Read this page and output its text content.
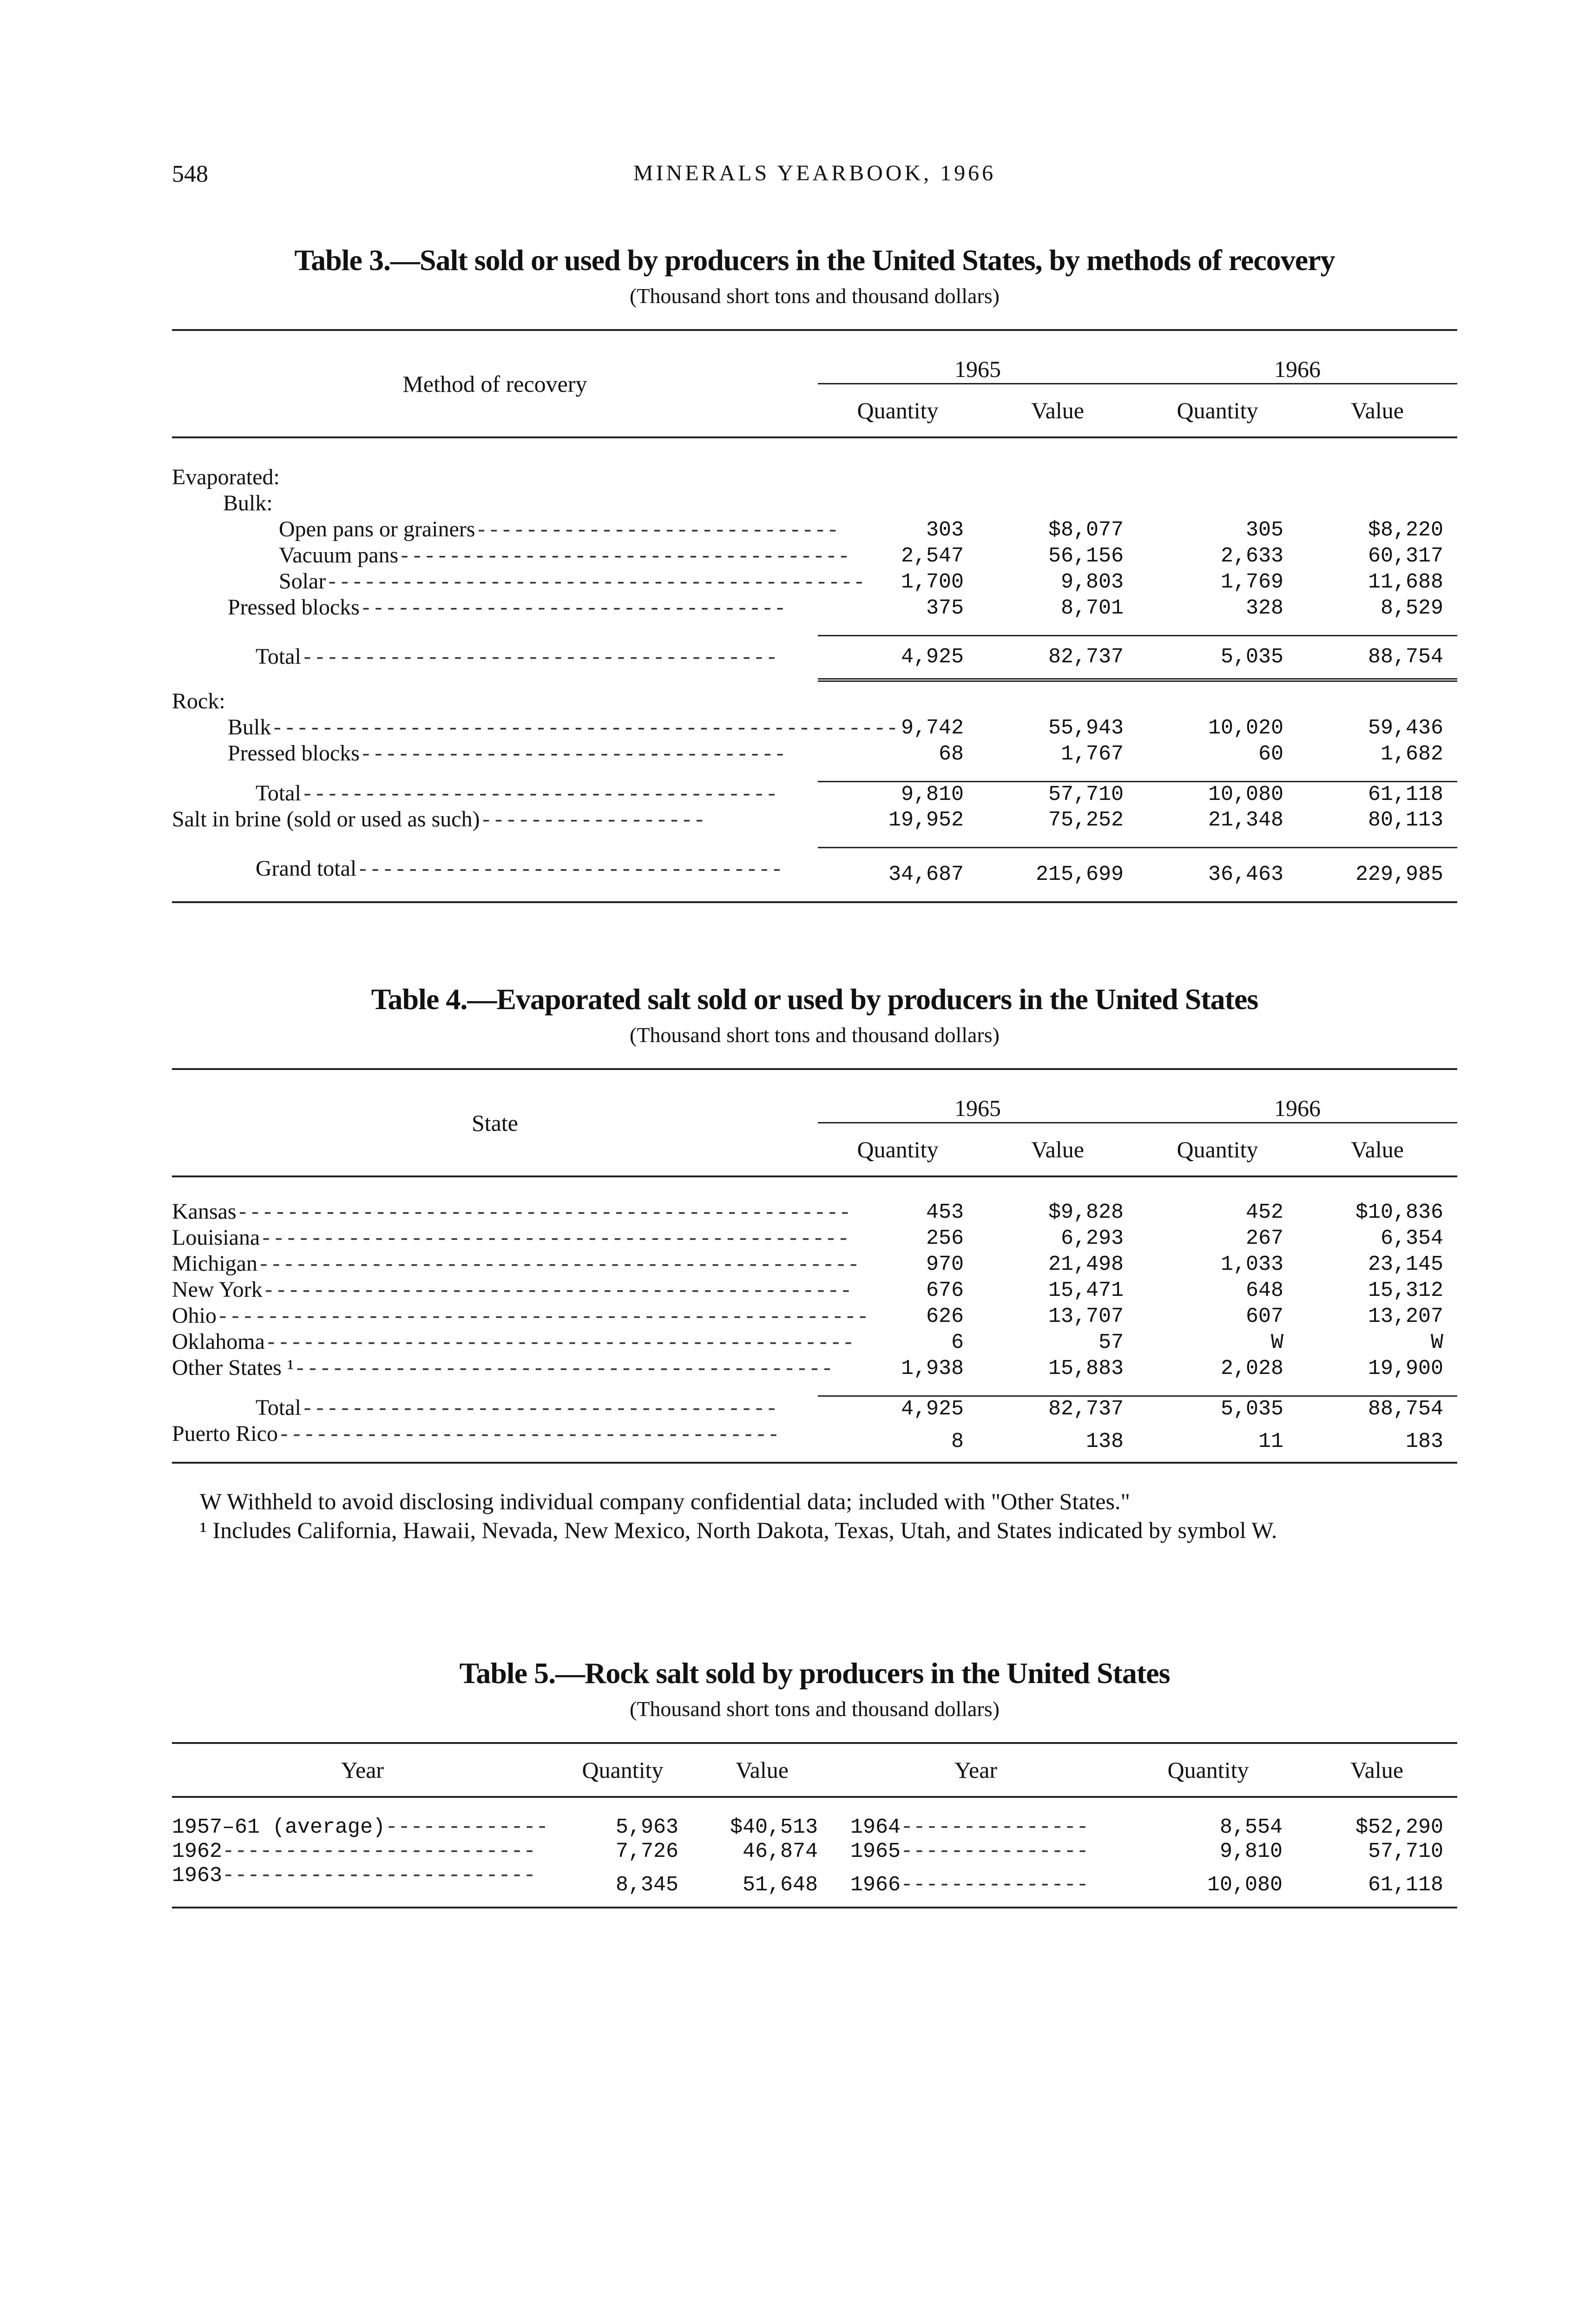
548	MINERALS YEARBOOK, 1966
Table 3.—Salt sold or used by producers in the United States, by methods of recovery
(Thousand short tons and thousand dollars)
Method of recovery	1965		1966	
	Quantity	Value	Quantity	Value

Evaporated:				
Bulk:				
Open pans or grainers-----------------------------	303	$8,077	305	$8,220
Vacuum pans------------------------------------	2,547	56,156	2,633	60,317
Solar-------------------------------------------	1,700	9,803	1,769	11,688
Pressed blocks----------------------------------	375	8,701	328	8,529

Total--------------------------------------	4,925	82,737	5,035	88,754

Rock:				
Bulk--------------------------------------------------	9,742	55,943	10,020	59,436
Pressed blocks----------------------------------	68	1,767	60	1,682

Total--------------------------------------	9,810	57,710	10,080	61,118
Salt in brine (sold or used as such)------------------	19,952	75,252	21,348	80,113

Grand total----------------------------------	34,687	215,699	36,463	229,985
Table 4.—Evaporated salt sold or used by producers in the United States
(Thousand short tons and thousand dollars)
State	1965		1966	
	Quantity	Value	Quantity	Value

Kansas-------------------------------------------------	453	$9,828	452	$10,836
Louisiana-----------------------------------------------	256	6,293	267	6,354
Michigan------------------------------------------------	970	21,498	1,033	23,145
New York-----------------------------------------------	676	15,471	648	15,312
Ohio----------------------------------------------------	626	13,707	607	13,207
Oklahoma-----------------------------------------------	6	57	W	W
Other States ¹-------------------------------------------	1,938	15,883	2,028	19,900

Total--------------------------------------	4,925	82,737	5,035	88,754
Puerto Rico----------------------------------------	8	138	11	183

W Withheld to avoid disclosing individual company confidential data; included with "Other States."

¹ Includes California, Hawaii, Nevada, New Mexico, North Dakota, Texas, Utah, and States indicated by symbol W.

Table 5.—Rock salt sold by producers in the United States
(Thousand short tons and thousand dollars)
Year	Quantity	Value	Year	Quantity	Value

1957–61 (average)-------------	5,963	$40,513	1964---------------	8,554	$52,290
1962-------------------------	7,726	46,874	1965---------------	9,810	57,710
1963-------------------------	8,345	51,648	1966---------------	10,080	61,118
